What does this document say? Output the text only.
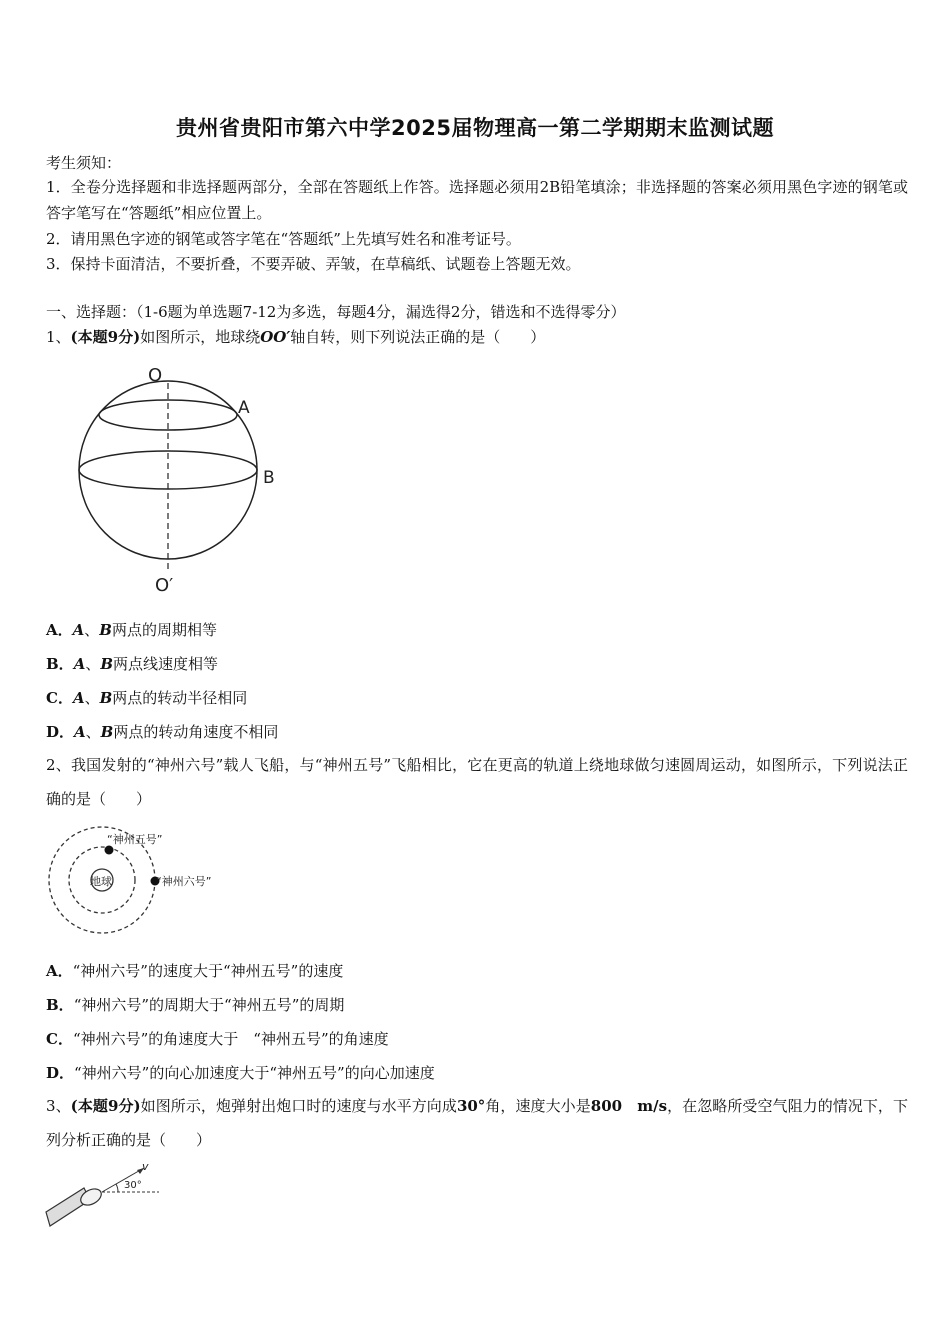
贵州省贵阳市第六中学2025届物理高一第二学期期末监测试题
考生须知：
1．全卷分选择题和非选择题两部分，全部在答题纸上作答。选择题必须用2B铅笔填涂；非选择题的答案必须用黑色字迹的钢笔或答字笔写在“答题纸”相应位置上。
2．请用黑色字迹的钢笔或答字笔在“答题纸”上先填写姓名和准考证号。
3．保持卡面清洁，不要折叠，不要弄破、弄皱，在草稿纸、试题卷上答题无效。
一、选择题：（1-6题为单选题7-12为多选，每题4分，漏选得2分，错选和不选得零分）
1、(本题9分)如图所示，地球绕OO′轴自转，则下列说法正确的是（　　）
O
O′
A
B
A．A、B两点的周期相等
B．A、B两点线速度相等
C．A、B两点的转动半径相同
D．A、B两点的转动角速度不相同
2、我国发射的“神州六号”载人飞船，与“神州五号”飞船相比，它在更高的轨道上绕地球做匀速圆周运动，如图所示，下列说法正确的是（　　）
地球
“神州五号”
“神州六号”
A．“神州六号”的速度大于“神州五号”的速度
B．“神州六号”的周期大于“神州五号”的周期
C．“神州六号”的角速度大于　“神州五号”的角速度
D．“神州六号”的向心加速度大于“神州五号”的向心加速度
3、(本题9分)如图所示，炮弹射出炮口时的速度与水平方向成30°角，速度大小是800　m/s，在忽略所受空气阻力的情况下，下列分析正确的是（　　）
v
30°
